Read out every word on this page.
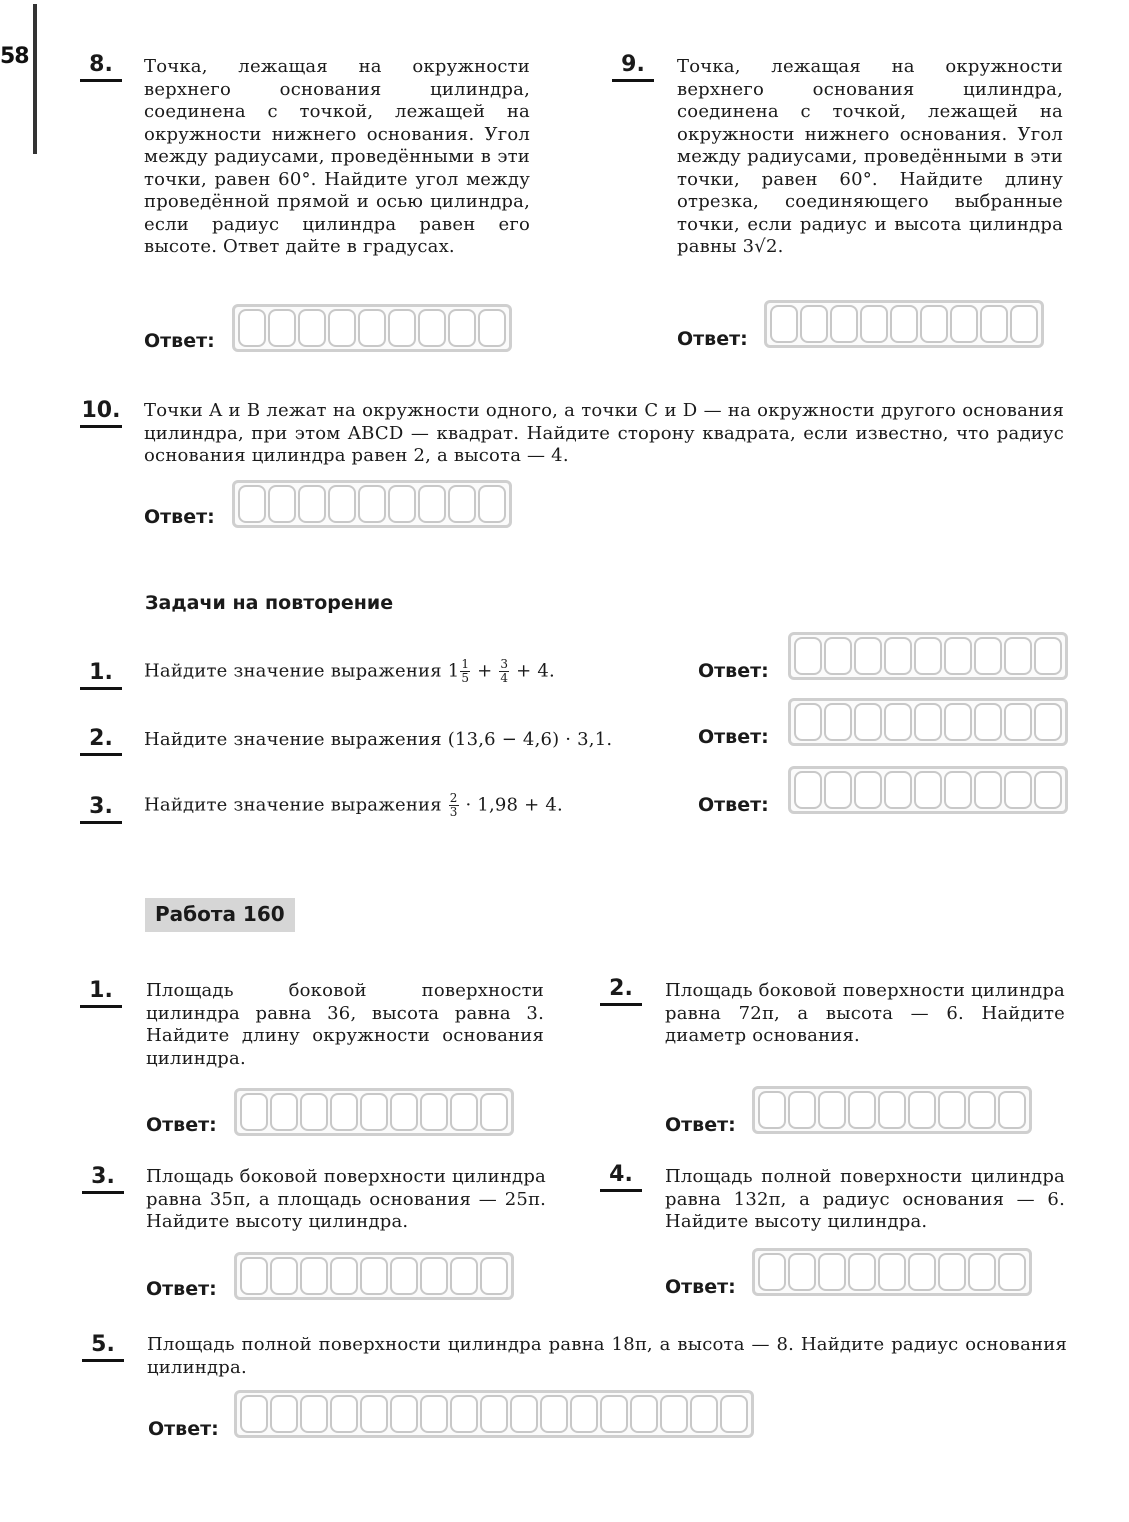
58	8.	Точка, лежащая на окружности верхнего основания цилиндра, соединена с точкой, лежащей на окружности нижнего основания. Угол между радиусами, проведёнными в эти точки, равен 60°. Найдите угол между проведённой прямой и осью цилиндра, если радиус цилиндра равен его высоте. Ответ дайте в градусах.
Ответ:
9.	Точка, лежащая на окружности верхнего основания цилиндра, соединена с точкой, лежащей на окружности нижнего основания. Угол между радиусами, проведёнными в эти точки, равен 60°. Найдите длину отрезка, соединяющего выбранные точки, если радиус и высота цилиндра равны 3√2.
Ответ:
10. Точки A и B лежат на окружности одного, а точки C и D — на окружности другого основания цилиндра, при этом ABCD — квадрат. Найдите сторону квадрата, если известно, что радиус основания цилиндра равен 2, а высота — 4.
Ответ:
Задачи на повторение
1.	Найдите значение выражения $1 \frac{1}{5} + \frac{3}{4} + 4$.	Ответ:
2.	Найдите значение выражения (13,6 − 4,6) · 3,1.	Ответ:
3.	Найдите значение выражения $\frac{2}{3} \cdot 1,98 + 4$.	Ответ:
Работа 160
1.	Площадь боковой поверхности цилиндра равна 36, высота равна 3. Найдите длину окружности основания цилиндра.
Ответ:
2.	Площадь боковой поверхности цилиндра равна 72π, а высота — 6. Найдите диаметр основания.
Ответ:
3.	Площадь боковой поверхности цилиндра равна 35π, а площадь основания — 25π. Найдите высоту цилиндра.
Ответ:
4.	Площадь полной поверхности цилиндра равна 132π, а радиус основания — 6. Найдите высоту цилиндра.
Ответ:
5.	Площадь полной поверхности цилиндра равна 18π, а высота — 8. Найдите радиус основания цилиндра.
Ответ:
